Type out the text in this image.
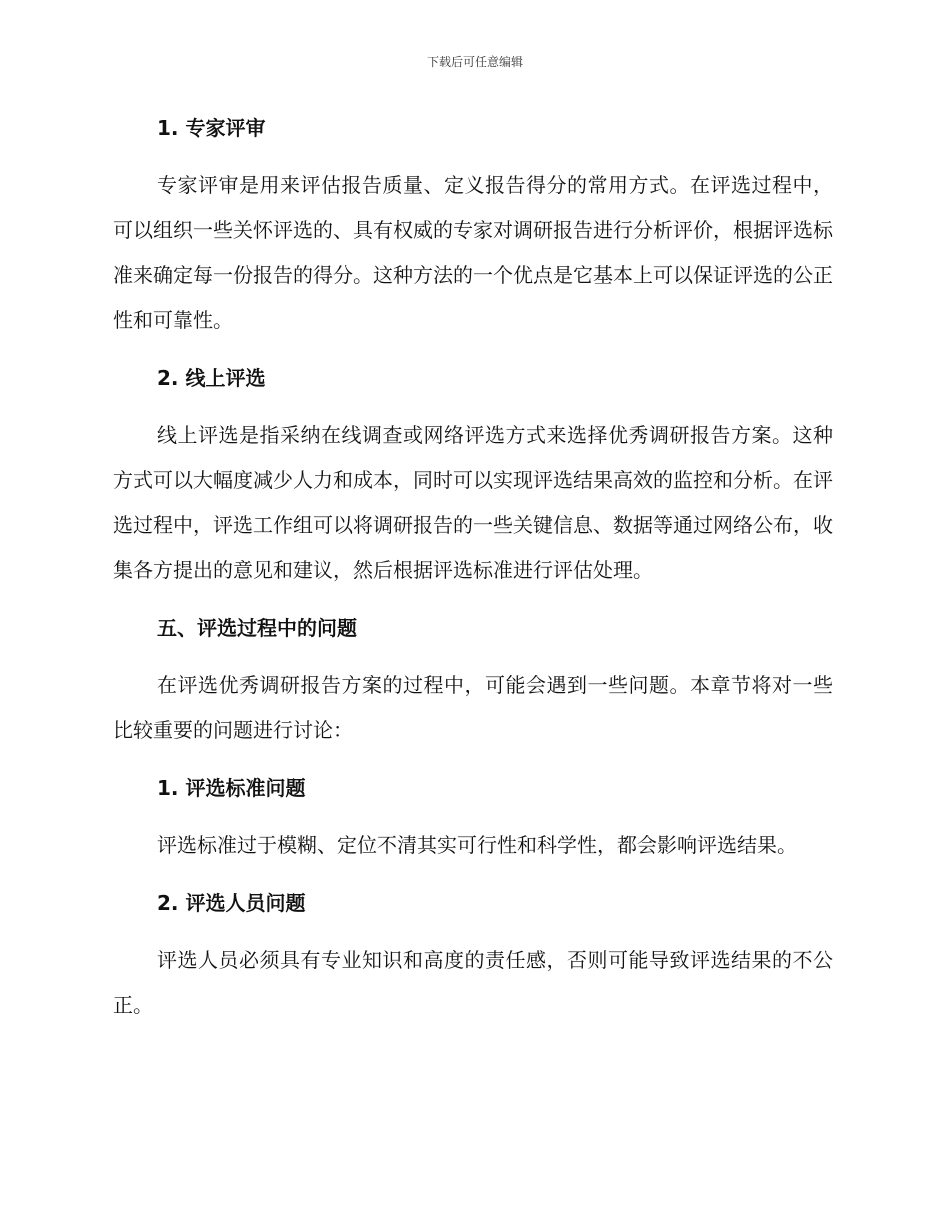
下载后可任意编辑
1. 专家评审

专家评审是用来评估报告质量、定义报告得分的常用方式。在评选过程中，可以组织一些关怀评选的、具有权威的专家对调研报告进行分析评价，根据评选标准来确定每一份报告的得分。这种方法的一个优点是它基本上可以保证评选的公正性和可靠性。

2. 线上评选

线上评选是指采纳在线调查或网络评选方式来选择优秀调研报告方案。这种方式可以大幅度减少人力和成本，同时可以实现评选结果高效的监控和分析。在评选过程中，评选工作组可以将调研报告的一些关键信息、数据等通过网络公布，收集各方提出的意见和建议，然后根据评选标准进行评估处理。

五、评选过程中的问题

在评选优秀调研报告方案的过程中，可能会遇到一些问题。本章节将对一些比较重要的问题进行讨论：

1. 评选标准问题

评选标准过于模糊、定位不清其实可行性和科学性，都会影响评选结果。

2. 评选人员问题

评选人员必须具有专业知识和高度的责任感，否则可能导致评选结果的不公正。
